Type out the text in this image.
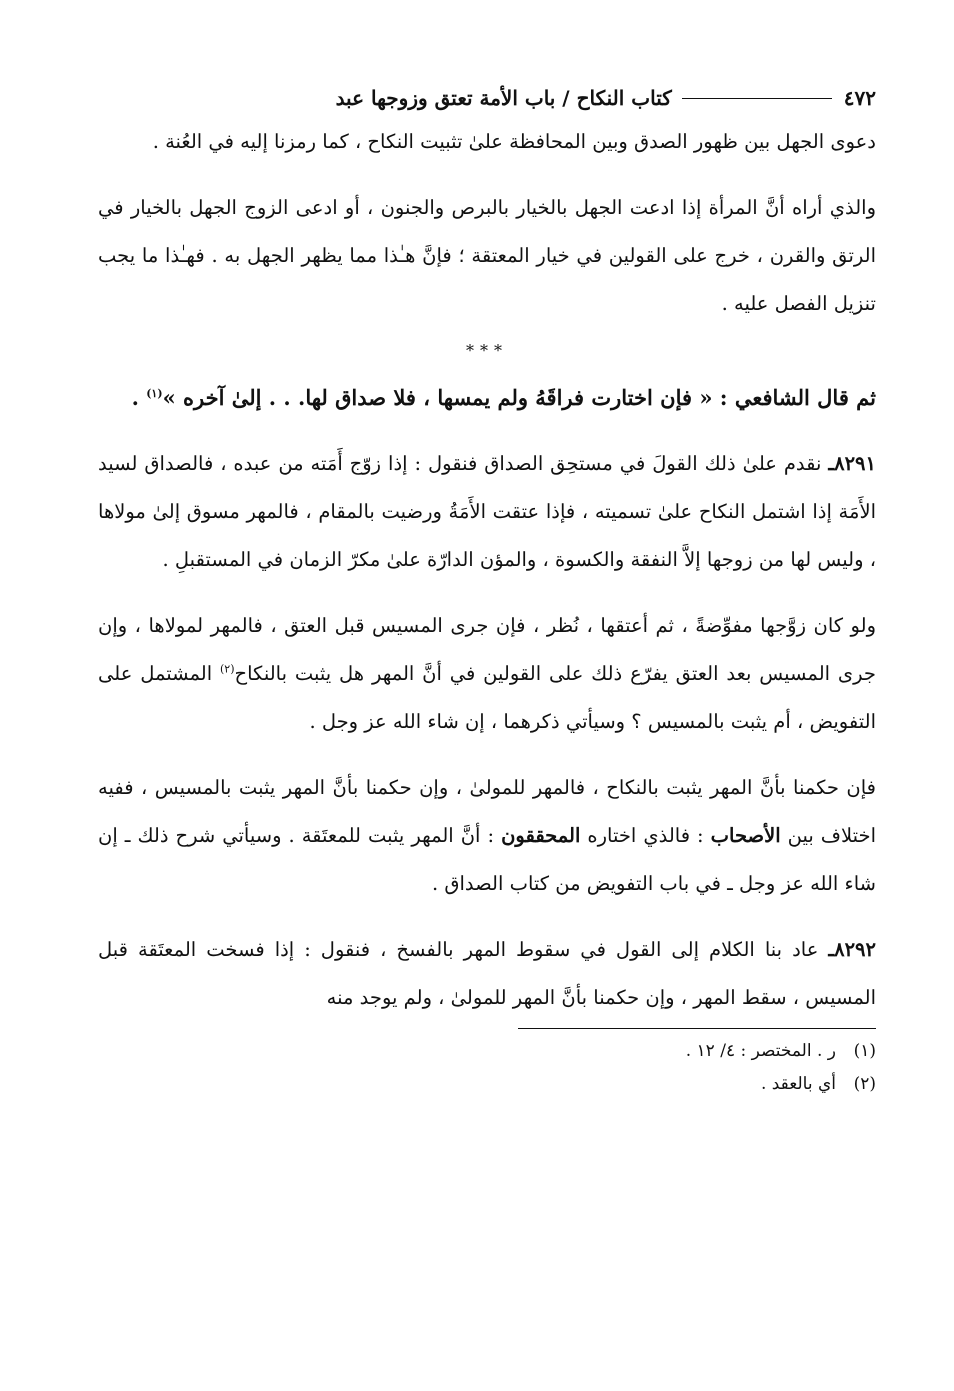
٤٧٢
كتاب النكاح / باب الأمة تعتق وزوجها عبد

دعوى الجهل بين ظهور الصدق وبين المحافظة علىٰ تثبيت النكاح ، كما رمزنا إليه في العُنة .

والذي أراه أنَّ المرأة إذا ادعت الجهل بالخيار بالبرص والجنون ، أو ادعى الزوج الجهل بالخيار في الرتق والقرن ، خرج على القولين في خيار المعتقة ؛ فإنَّ هـٰذا مما يظهر الجهل به . فهـٰذا ما يجب تنزيل الفصل عليه .

***

ثم قال الشافعي : « فإن اختارت فراقَهُ ولم يمسها ، فلا صداق لها. . . إلىٰ آخره »$^{(١)}$ .

٨٢٩١ـ نقدم علىٰ ذلك القولَ في مستحِق الصداق فنقول : إذا زوّج أَمَته من عبده ، فالصداق لسيد الأَمَة إذا اشتمل النكاح علىٰ تسميته ، فإذا عتقت الأَمَةُ ورضيت بالمقام ، فالمهر مسوق إلىٰ مولاها ، وليس لها من زوجها إلاَّ النفقة والكسوة ، والمؤن الدارّة علىٰ مكرّ الزمان في المستقبلِ .

ولو كان زوَّجها مفوِّضةً ، ثم أعتقها ، نُظر ، فإن جرى المسيس قبل العتق ، فالمهر لمولاها ، وإن جرى المسيس بعد العتق يفرّع ذلك على القولين في أنَّ المهر هل يثبت بالنكاح$^{(٢)}$ المشتمل على التفويض ، أم يثبت بالمسيس ؟ وسيأتي ذكرهما ، إن شاء الله عز وجل .

فإن حكمنا بأنَّ المهر يثبت بالنكاح ، فالمهر للمولىٰ ، وإن حكمنا بأنَّ المهر يثبت بالمسيس ، ففيه اختلاف بين الأصحاب : فالذي اختاره المحققون : أنَّ المهر يثبت للمعتَقة . وسيأتي شرح ذلك ـ إن شاء الله عز وجل ـ في باب التفويض من كتاب الصداق .

٨٢٩٢ـ عاد بنا الكلام إلى القول في سقوط المهر بالفسخ ، فنقول : إذا فسخت المعتَقة قبل المسيس ، سقط المهر ، وإن حكمنا بأنَّ المهر للمولىٰ ، ولم يوجد منه

(١)ر . المختصر : ٤/ ١٢ .

(٢)أي بالعقد .
